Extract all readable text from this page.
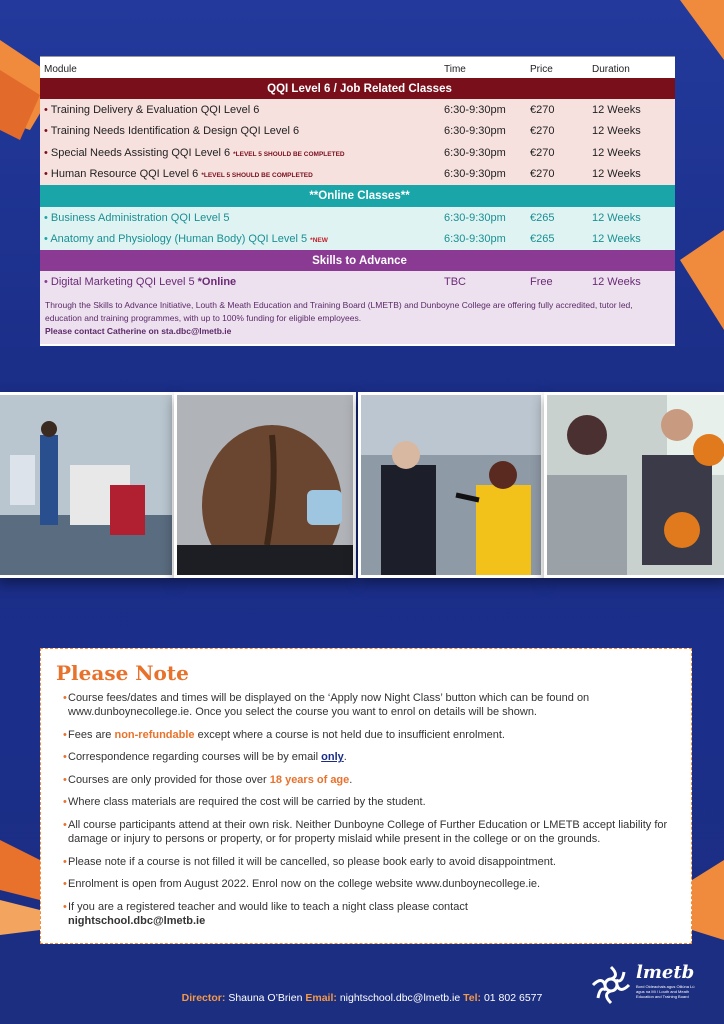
Module	Time	Price	Duration
QQI Level 6 / Job Related Classes			
• Training Delivery & Evaluation QQI Level 6	6:30-9:30pm	€270	12 Weeks
• Training Needs Identification & Design QQI Level 6	6:30-9:30pm	€270	12 Weeks
• Special Needs Assisting QQI Level 6 *LEVEL 5 SHOULD BE COMPLETED	6:30-9:30pm	€270	12 Weeks
• Human Resource QQI Level 6 *LEVEL 5 SHOULD BE COMPLETED	6:30-9:30pm	€270	12 Weeks
**Online Classes**			
• Business Administration QQI Level 5	6:30-9:30pm	€265	12 Weeks
• Anatomy and Physiology (Human Body) QQI Level 5 *NEW	6:30-9:30pm	€265	12 Weeks
Skills to Advance			
• Digital Marketing QQI Level 5 *Online	TBC	Free	12 Weeks
Through the Skills to Advance Initiative, Louth & Meath Education and Training Board (LMETB) and Dunboyne College are offering fully accredited, tutor led, education and training programmes, with up to 100% funding for eligible employees.
Please contact Catherine on sta.dbc@lmetb.ie			
Please Note
• Course fees/dates and times will be displayed on the ‘Apply now Night Class’ button which can be found on www.dunboynecollege.ie. Once you select the course you want to enrol on details will be shown.
• Fees are non-refundable except where a course is not held due to insufficient enrolment.
• Correspondence regarding courses will be by email only.
• Courses are only provided for those over 18 years of age.
• Where class materials are required the cost will be carried by the student.
• All course participants attend at their own risk. Neither Dunboyne College of Further Education or LMETB accept liability for damage or injury to persons or property, or for property mislaid while present in the college or on the grounds.
• Please note if a course is not filled it will be cancelled, so please book early to avoid disappointment.
• Enrolment is open from August 2022. Enrol now on the college website www.dunboynecollege.ie.
• If you are a registered teacher and would like to teach a night class please contact
nightschool.dbc@lmetb.ie
lmetb
Bord Oideachais agus Oiliúna Lú agus na Mí / Louth and Meath Education and Training Board
Director: Shauna O’Brien Email: nightschool.dbc@lmetb.ie Tel: 01 802 6577
